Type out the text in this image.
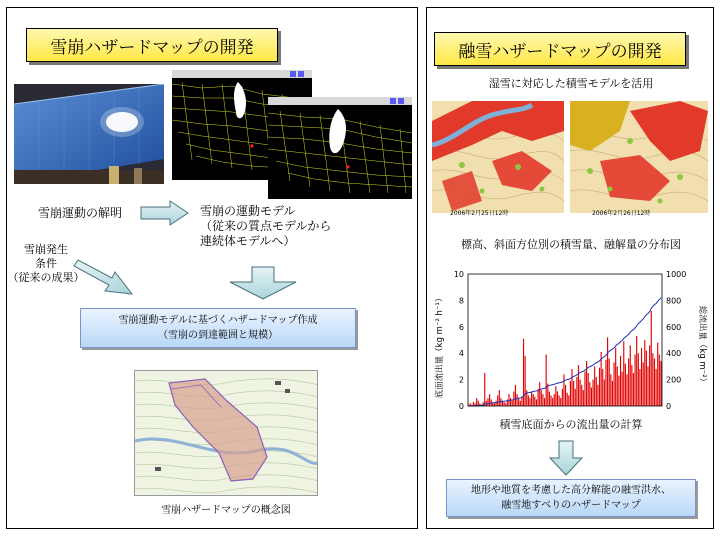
雪崩ハザードマップの開発
雪崩運動の解明	雪崩の運動モデル
（従来の質点モデルから
連続体モデルへ）
雪崩発生
条件
（従来の成果）
雪崩運動モデルに基づくハザードマップ作成
（雪崩の到達範囲と規模）
雪崩ハザードマップの概念図
融雪ハザードマップの開発
湿雪に対応した積雪モデルを活用
2006年2月25日12時	2006年2月26日12時
標高、斜面方位別の積雪量、融解量の分布図
0
2
4
6
8
10
0
200
400
600
800
1000
底面流出量（kg m⁻² h⁻¹）	総流出量（kg m⁻²）
積雪底面からの流出量の計算
地形や地質を考慮した高分解能の融雪洪水、
融雪地すべりのハザードマップ
